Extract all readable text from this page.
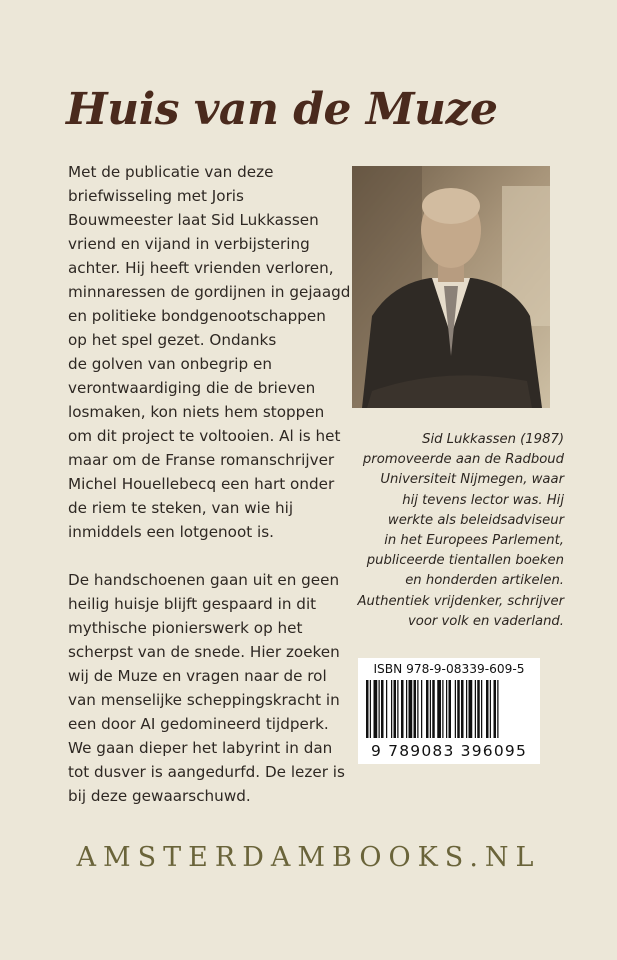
Huis van de Muze

Met de publicatie van deze
briefwisseling met Joris
Bouwmeester laat Sid Lukkassen
vriend en vijand in verbijstering
achter. Hij heeft vrienden verloren,
minnaressen de gordijnen in gejaagd
en politieke bondgenootschappen
op het spel gezet. Ondanks
de golven van onbegrip en
verontwaardiging die de brieven
losmaken, kon niets hem stoppen
om dit project te voltooien. Al is het
maar om de Franse romanschrijver
Michel Houellebecq een hart onder
de riem te steken, van wie hij
inmiddels een lotgenoot is.

De handschoenen gaan uit en geen
heilig huisje blijft gespaard in dit
mythische pionierswerk op het
scherpst van de snede. Hier zoeken
wij de Muze en vragen naar de rol
van menselijke scheppingskracht in
een door AI gedomineerd tijdperk.
We gaan dieper het labyrint in dan
tot dusver is aangedurfd. De lezer is
bij deze gewaarschuwd.

Sid Lukkassen (1987)
promoveerde aan de Radboud
Universiteit Nijmegen, waar
hij tevens lector was. Hij
werkte als beleidsadviseur
in het Europees Parlement,
publiceerde tientallen boeken
en honderden artikelen.
Authentiek vrijdenker, schrijver
voor volk en vaderland.

ISBN 978-9-08339-609-5
9 789083 396095
AMSTERDAMBOOKS.NL
